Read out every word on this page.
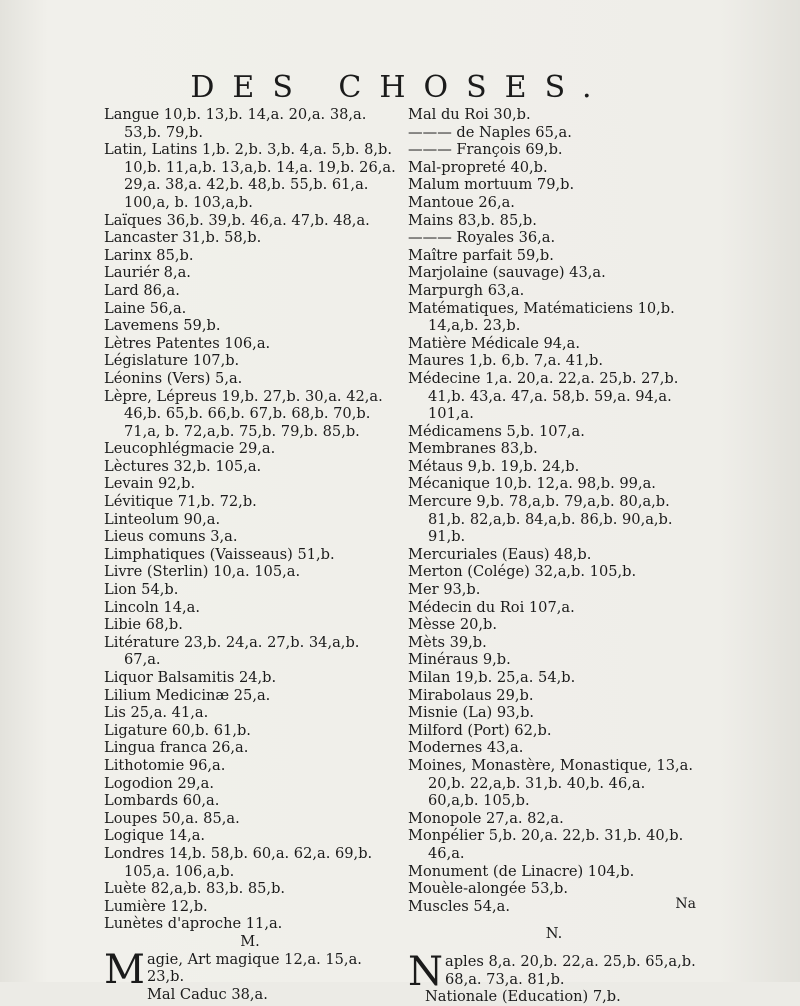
DES CHOSES.

Langue 10,b. 13,b. 14,a. 20,a. 38,a. 53,b. 79,b.

Latin, Latins 1,b. 2,b. 3,b. 4,a. 5,b. 8,b. 10,b. 11,a,b. 13,a,b. 14,a. 19,b. 26,a. 29,a. 38,a. 42,b. 48,b. 55,b. 61,a. 100,a, b. 103,a,b.

Laïques 36,b. 39,b. 46,a. 47,b. 48,a.

Lancaster 31,b. 58,b.

Larinx 85,b.

Lauriér 8,a.

Lard 86,a.

Laine 56,a.

Lavemens 59,b.

Lètres Patentes 106,a.

Législature 107,b.

Léonins (Vers) 5,a.

Lèpre, Lépreus 19,b. 27,b. 30,a. 42,a. 46,b. 65,b. 66,b. 67,b. 68,b. 70,b. 71,a, b. 72,a,b. 75,b. 79,b. 85,b.

Leucophlégmacie 29,a.

Lèctures 32,b. 105,a.

Levain 92,b.

Lévitique 71,b. 72,b.

Linteolum 90,a.

Lieus comuns 3,a.

Limphatiques (Vaisseaus) 51,b.

Livre (Sterlin) 10,a. 105,a.

Lion 54,b.

Lincoln 14,a.

Libie 68,b.

Litérature 23,b. 24,a. 27,b. 34,a,b. 67,a.

Liquor Balsamitis 24,b.

Lilium Medicinæ 25,a.

Lis 25,a. 41,a.

Ligature 60,b. 61,b.

Lingua franca 26,a.

Lithotomie 96,a.

Logodion 29,a.

Lombards 60,a.

Loupes 50,a. 85,a.

Logique 14,a.

Londres 14,b. 58,b. 60,a. 62,a. 69,b. 105,a. 106,a,b.

Luète 82,a,b. 83,b. 85,b.

Lumière 12,b.

Lunètes d'aproche 11,a.

M.

M agie, Art magique 12,a. 15,a. 23,b.
Mal Caduc 38,a.

Mal du Roi 30,b.

——— de Naples 65,a.

——— François 69,b.

Mal-propreté 40,b.

Malum mortuum 79,b.

Mantoue 26,a.

Mains 83,b. 85,b.

——— Royales 36,a.

Maître parfait 59,b.

Marjolaine (sauvage) 43,a.

Marpurgh 63,a.

Matématiques, Matématiciens 10,b. 14,a,b. 23,b.

Matière Médicale 94,a.

Maures 1,b. 6,b. 7,a. 41,b.

Médecine 1,a. 20,a. 22,a. 25,b. 27,b. 41,b. 43,a. 47,a. 58,b. 59,a. 94,a. 101,a.

Médicamens 5,b. 107,a.

Membranes 83,b.

Métaus 9,b. 19,b. 24,b.

Mécanique 10,b. 12,a. 98,b. 99,a.

Mercure 9,b. 78,a,b. 79,a,b. 80,a,b. 81,b. 82,a,b. 84,a,b. 86,b. 90,a,b. 91,b.

Mercuriales (Eaus) 48,b.

Merton (Colége) 32,a,b. 105,b.

Mer 93,b.

Médecin du Roi 107,a.

Mèsse 20,b.

Mèts 39,b.

Minéraus 9,b.

Milan 19,b. 25,a. 54,b.

Mirabolaus 29,b.

Misnie (La) 93,b.

Milford (Port) 62,b.

Modernes 43,a.

Moines, Monastère, Monastique, 13,a. 20,b. 22,a,b. 31,b. 40,b. 46,a. 60,a,b. 105,b.

Monopole 27,a. 82,a.

Monpélier 5,b. 20,a. 22,b. 31,b. 40,b. 46,a.

Monument (de Linacre) 104,b.

Mouèle-alongée 53,b.

Muscles 54,a.

N.

N aples 8,a. 20,b. 22,a. 25,b. 65,a,b. 68,a. 73,a. 81,b.

Nationale (Education) 7,b.

Na
